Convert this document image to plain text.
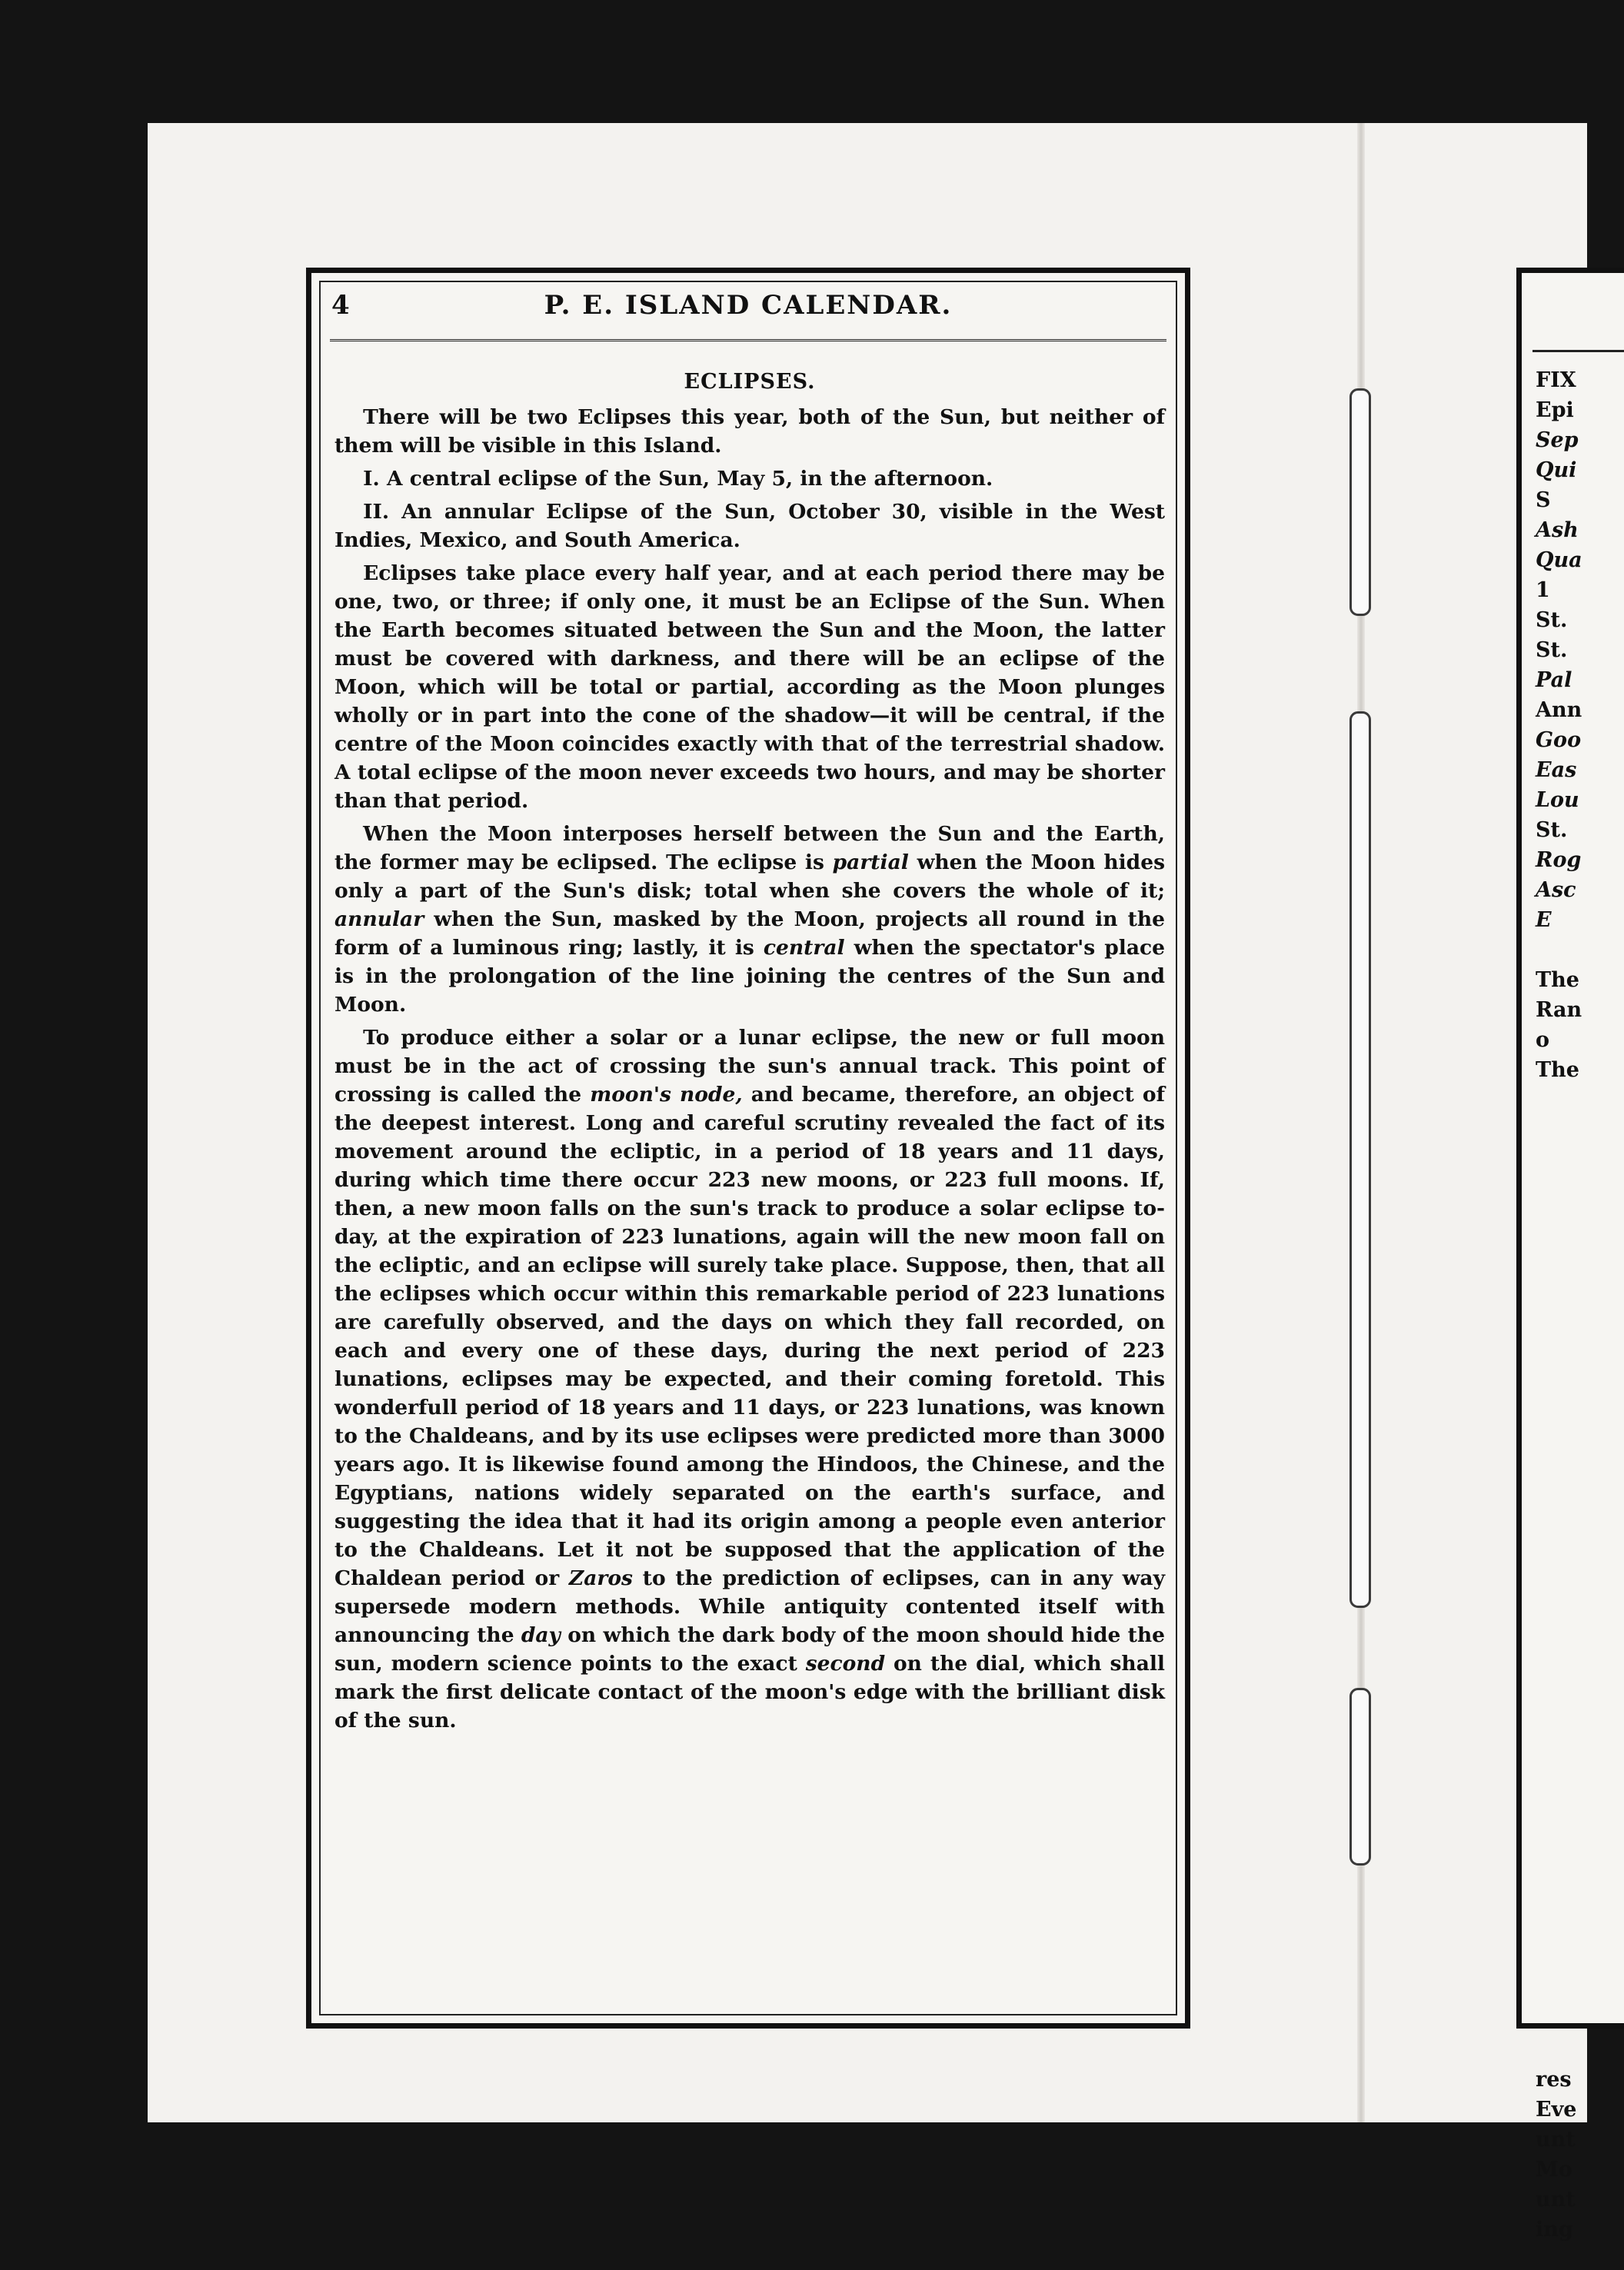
4	P. E. ISLAND CALENDAR.
ECLIPSES.

There will be two Eclipses this year, both of the Sun, but neither of them will be visible in this Island.

I. A central eclipse of the Sun, May 5, in the afternoon.

II. An annular Eclipse of the Sun, October 30, visible in the West Indies, Mexico, and South America.

Eclipses take place every half year, and at each period there may be one, two, or three; if only one, it must be an Eclipse of the Sun. When the Earth becomes situated between the Sun and the Moon, the latter must be covered with darkness, and there will be an eclipse of the Moon, which will be total or partial, according as the Moon plunges wholly or in part into the cone of the shadow—it will be central, if the centre of the Moon coincides exactly with that of the terrestrial shadow. A total eclipse of the moon never exceeds two hours, and may be shorter than that period.

When the Moon interposes herself between the Sun and the Earth, the former may be eclipsed. The eclipse is partial when the Moon hides only a part of the Sun's disk; total when she covers the whole of it; annular when the Sun, masked by the Moon, projects all round in the form of a luminous ring; lastly, it is central when the spectator's place is in the prolongation of the line joining the centres of the Sun and Moon.

To produce either a solar or a lunar eclipse, the new or full moon must be in the act of crossing the sun's annual track. This point of crossing is called the moon's node, and became, therefore, an object of the deepest interest. Long and careful scrutiny revealed the fact of its movement around the ecliptic, in a period of 18 years and 11 days, during which time there occur 223 new moons, or 223 full moons. If, then, a new moon falls on the sun's track to produce a solar eclipse to-day, at the expiration of 223 lunations, again will the new moon fall on the ecliptic, and an eclipse will surely take place. Suppose, then, that all the eclipses which occur within this remarkable period of 223 lunations are carefully observed, and the days on which they fall recorded, on each and every one of these days, during the next period of 223 lunations, eclipses may be expected, and their coming foretold. This wonderfull period of 18 years and 11 days, or 223 lunations, was known to the Chaldeans, and by its use eclipses were predicted more than 3000 years ago. It is likewise found among the Hindoos, the Chinese, and the Egyptians, nations widely separated on the earth's surface, and suggesting the idea that it had its origin among a people even anterior to the Chaldeans. Let it not be supposed that the application of the Chaldean period or Zaros to the prediction of eclipses, can in any way supersede modern methods. While antiquity contented itself with announcing the day on which the dark body of the moon should hide the sun, modern science points to the exact second on the dial, which shall mark the first delicate contact of the moon's edge with the brilliant disk of the sun.

FIX
Epi
Sep
Qui
S
Ash
Qua
1
St.
St.
Pal
Ann
Goo
Eas
Lou
St.
Rog
Asc
E

The
Ran
o
The
res
Eve
unt
Mo
unt
ing
